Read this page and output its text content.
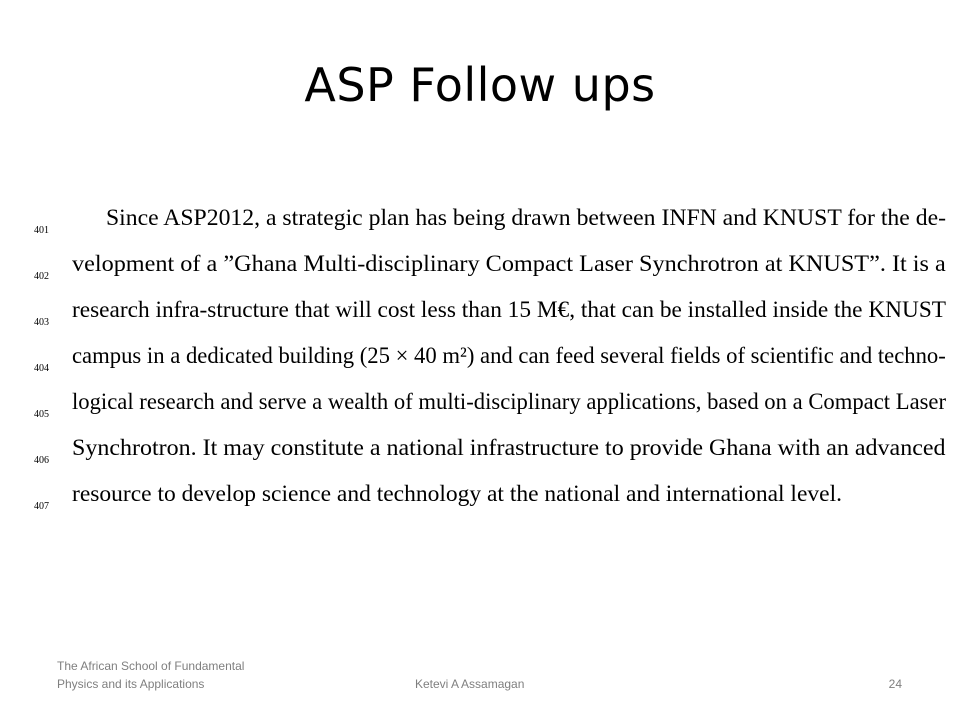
ASP Follow ups
401	Since ASP2012, a strategic plan has being drawn between INFN and KNUST for the de-
402 velopment of a ”Ghana Multi-disciplinary Compact Laser Synchrotron at KNUST”. It is a
403 research infra-structure that will cost less than 15 M€, that can be installed inside the KNUST
404 campus in a dedicated building (25 × 40 m²) and can feed several fields of scientific and techno-
405 logical research and serve a wealth of multi-disciplinary applications, based on a Compact Laser
406 Synchrotron. It may constitute a national infrastructure to provide Ghana with an advanced
407 resource to develop science and technology at the national and international level.
The African School of Fundamental Physics and its Applications	Ketevi A Assamagan	24
